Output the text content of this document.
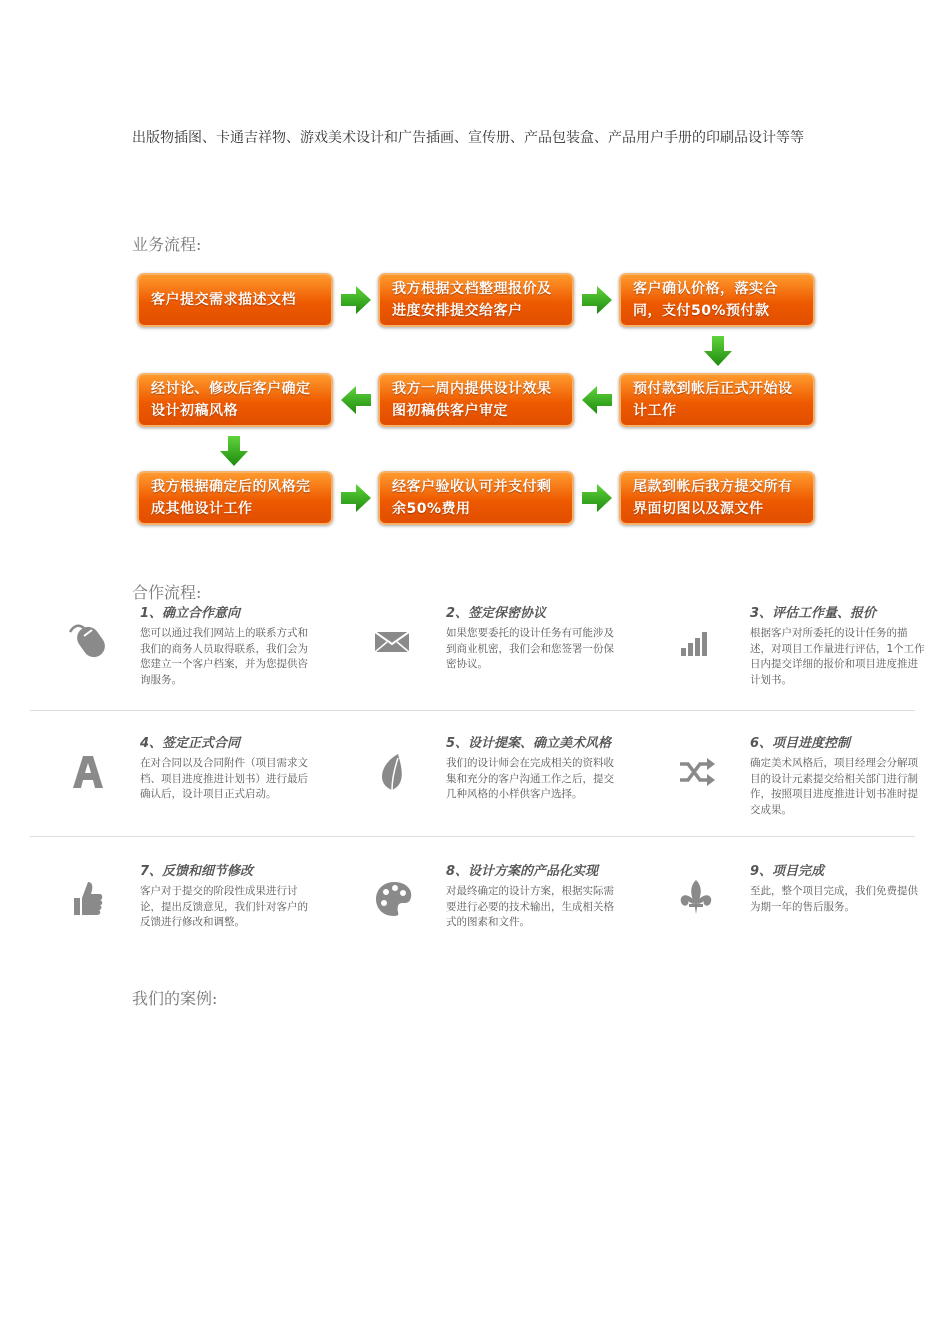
出版物插图、卡通吉祥物、游戏美术设计和广告插画、宣传册、产品包装盒、产品用户手册的印刷品设计等等
业务流程:
客户提交需求描述文档
我方根据文档整理报价及进度安排提交给客户
客户确认价格，落实合同，支付50%预付款
经讨论、修改后客户确定设计初稿风格
我方一周内提供设计效果图初稿供客户审定
预付款到帐后正式开始设计工作
我方根据确定后的风格完成其他设计工作
经客户验收认可并支付剩余50%费用
尾款到帐后我方提交所有界面切图以及源文件
合作流程:
1、确立合作意向

您可以通过我们网站上的联系方式和我们的商务人员取得联系，我们会为您建立一个客户档案，并为您提供咨询服务。

2、签定保密协议

如果您要委托的设计任务有可能涉及到商业机密，我们会和您签署一份保密协议。

3、评估工作量、报价

根据客户对所委托的设计任务的描述，对项目工作量进行评估，1个工作日内提交详细的报价和项目进度推进计划书。

4、签定正式合同

在对合同以及合同附件（项目需求文档、项目进度推进计划书）进行最后确认后，设计项目正式启动。

5、设计提案、确立美术风格

我们的设计师会在完成相关的资料收集和充分的客户沟通工作之后，提交几种风格的小样供客户选择。

6、项目进度控制

确定美术风格后，项目经理会分解项目的设计元素提交给相关部门进行制作，按照项目进度推进计划书准时提交成果。

7、反馈和细节修改

客户对于提交的阶段性成果进行讨论，提出反馈意见，我们针对客户的反馈进行修改和调整。

8、设计方案的产品化实现

对最终确定的设计方案，根据实际需要进行必要的技术输出，生成相关格式的图素和文件。

9、项目完成

至此，整个项目完成，我们免费提供为期一年的售后服务。

我们的案例:
